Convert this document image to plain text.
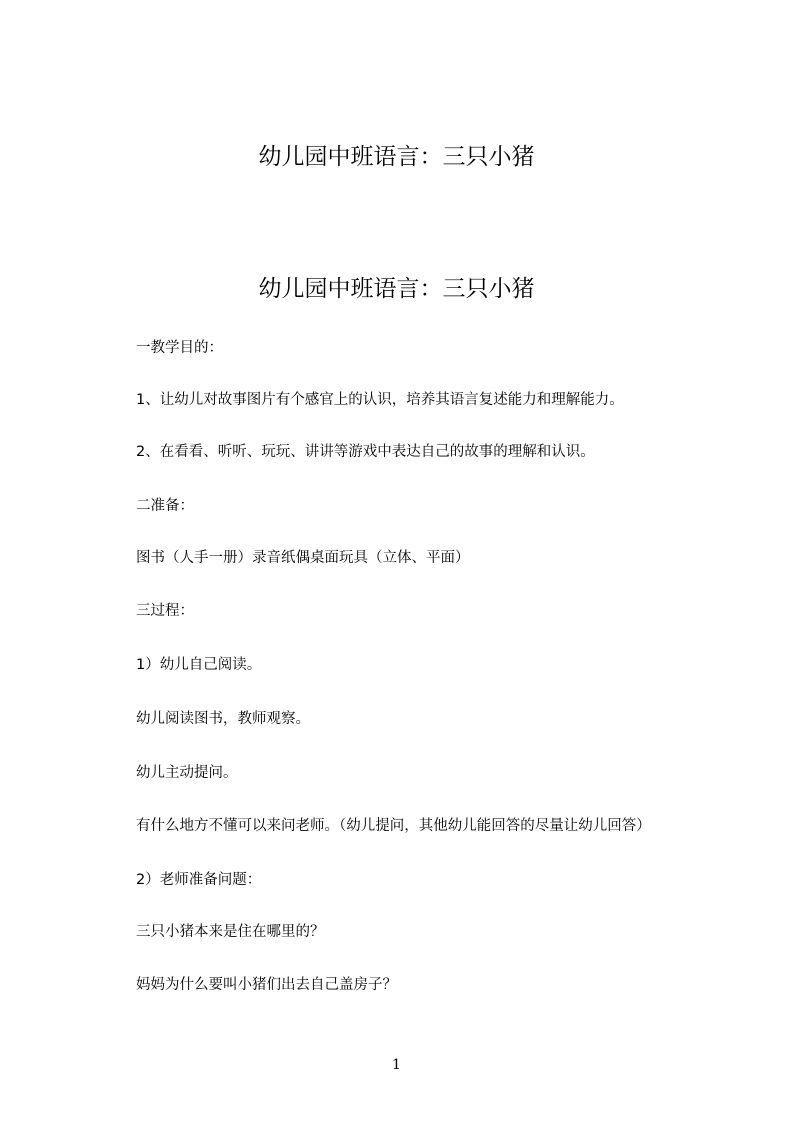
幼儿园中班语言：三只小猪
幼儿园中班语言：三只小猪

一教学目的：

1、让幼儿对故事图片有个感官上的认识，培养其语言复述能力和理解能力。

2、在看看、听听、玩玩、讲讲等游戏中表达自己的故事的理解和认识。

二准备：

图书（人手一册）录音纸偶桌面玩具（立体、平面）

三过程：

1）幼儿自己阅读。

幼儿阅读图书，教师观察。

幼儿主动提问。

有什么地方不懂可以来问老师。（幼儿提问，其他幼儿能回答的尽量让幼儿回答）

2）老师准备问题：

三只小猪本来是住在哪里的？

妈妈为什么要叫小猪们出去自己盖房子？

1
